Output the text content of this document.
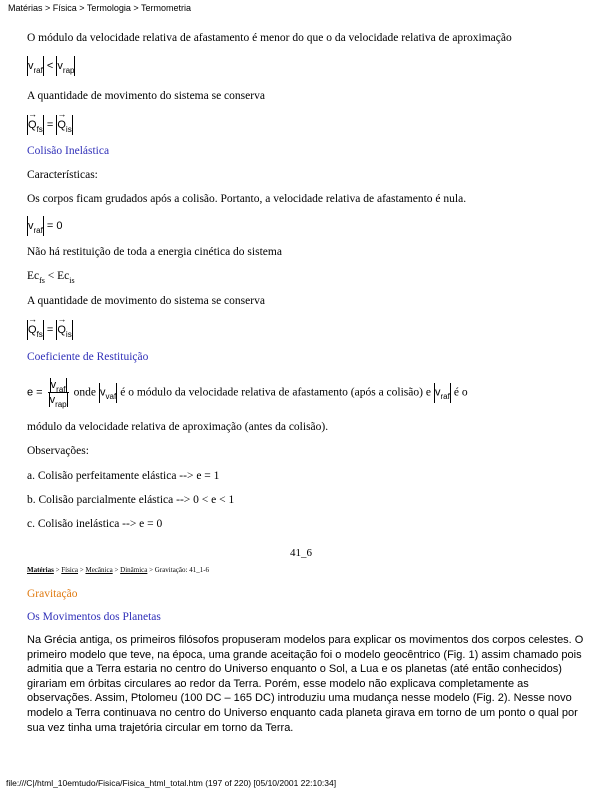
Matérias > Física > Termologia > Termometria
O módulo da velocidade relativa de afastamento é menor do que o da velocidade relativa de aproximação
$v_{raf} < v_{rap}$
A quantidade de movimento do sistema se conserva
→ $Q_{fs}$ = → $Q_{is}$
Colisão Inelástica
Características:
Os corpos ficam grudados após a colisão. Portanto, a velocidade relativa de afastamento é nula.
$v_{raf} = 0$
Não há restituição de toda a energia cinética do sistema
$Ec_{fs} < Ec_{is}$
A quantidade de movimento do sistema se conserva
→ $Q_{fs}$ = → $Q_{is}$
Coeficiente de Restituição
$e = \frac{v_{raf}}{v_{rap}}$ onde $v_{vaf}$ é o módulo da velocidade relativa de afastamento (após a colisão) e $v_{raf}$ é o
módulo da velocidade relativa de aproximação (antes da colisão).
Observações:
a. Colisão perfeitamente elástica --> e = 1
b. Colisão parcialmente elástica --> 0 < e < 1
c. Colisão inelástica --> e = 0
41_6
Matérias > Física > Mecânica > Dinâmica > Gravitação: 41_1-6
Gravitação
Os Movimentos dos Planetas
Na Grécia antiga, os primeiros filósofos propuseram modelos para explicar os movimentos dos corpos celestes. O primeiro modelo que teve, na época, uma grande aceitação foi o modelo geocêntrico (Fig. 1) assim chamado pois admitia que a Terra estaria no centro do Universo enquanto o Sol, a Lua e os planetas (até então conhecidos) girariam em órbitas circulares ao redor da Terra. Porém, esse modelo não explicava completamente as observações. Assim, Ptolomeu (100 DC – 165 DC) introduziu uma mudança nesse modelo (Fig. 2). Nesse novo modelo a Terra continuava no centro do Universo enquanto cada planeta girava em torno de um ponto o qual por sua vez tinha uma trajetória circular em torno da Terra.
file:///C|/html_10emtudo/Fisica/Fisica_html_total.htm (197 of 220) [05/10/2001 22:10:34]
